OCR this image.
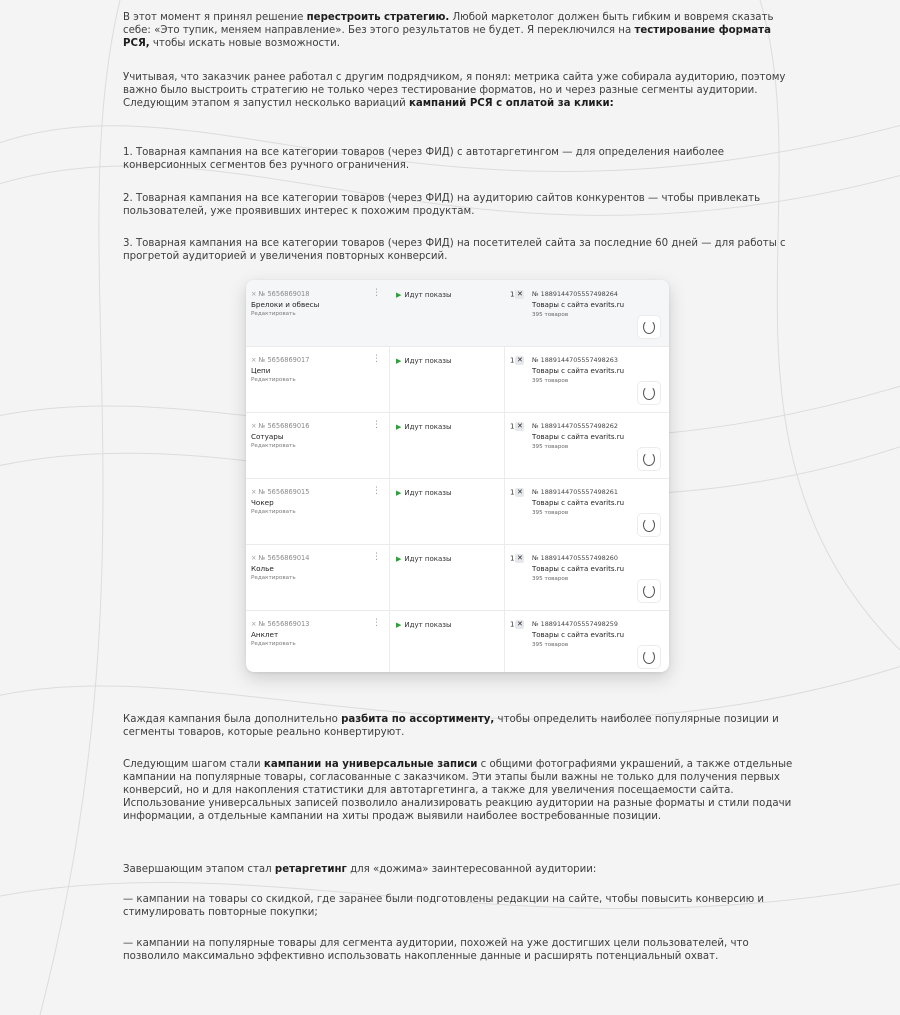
В этот момент я принял решение перестроить стратегию. Любой маркетолог должен быть гибким и вовремя сказать себе: «Это тупик, меняем направление». Без этого результатов не будет. Я переключился на тестирование формата РСЯ, чтобы искать новые возможности.

Учитывая, что заказчик ранее работал с другим подрядчиком, я понял: метрика сайта уже собирала аудиторию, поэтому важно было выстроить стратегию не только через тестирование форматов, но и через разные сегменты аудитории. Следующим этапом я запустил несколько вариаций кампаний РСЯ с оплатой за клики:

1. Товарная кампания на все категории товаров (через ФИД) с автотаргетингом — для определения наиболее конверсионных сегментов без ручного ограничения.

2. Товарная кампания на все категории товаров (через ФИД) на аудиторию сайтов конкурентов — чтобы привлекать пользователей, уже проявивших интерес к похожим продуктам.

3. Товарная кампания на все категории товаров (через ФИД) на посетителей сайта за последние 60 дней — для работы с прогретой аудиторией и увеличения повторных конверсий.

× № 5656869018
Брелоки и обвесы
Редактировать
⋮ ▶ Идут показы	1 ✕ № 1889144705557498264
Товары с сайта evarits.ru
395 товаров
× № 5656869017
Цепи
Редактировать
⋮ ▶ Идут показы	1 ✕ № 1889144705557498263
Товары с сайта evarits.ru
395 товаров
× № 5656869016
Сотуары
Редактировать
⋮ ▶ Идут показы	1 ✕ № 1889144705557498262
Товары с сайта evarits.ru
395 товаров
× № 5656869015
Чокер
Редактировать
⋮ ▶ Идут показы	1 ✕ № 1889144705557498261
Товары с сайта evarits.ru
395 товаров
× № 5656869014
Колье
Редактировать
⋮ ▶ Идут показы	1 ✕ № 1889144705557498260
Товары с сайта evarits.ru
395 товаров
× № 5656869013
Анклет
Редактировать
⋮ ▶ Идут показы	1 ✕ № 1889144705557498259
Товары с сайта evarits.ru
395 товаров

Каждая кампания была дополнительно разбита по ассортименту, чтобы определить наиболее популярные позиции и сегменты товаров, которые реально конвертируют.

Следующим шагом стали кампании на универсальные записи с общими фотографиями украшений, а также отдельные кампании на популярные товары, согласованные с заказчиком. Эти этапы были важны не только для получения первых конверсий, но и для накопления статистики для автотаргетинга, а также для увеличения посещаемости сайта. Использование универсальных записей позволило анализировать реакцию аудитории на разные форматы и стили подачи информации, а отдельные кампании на хиты продаж выявили наиболее востребованные позиции.

Завершающим этапом стал ретаргетинг для «дожима» заинтересованной аудитории:

— кампании на товары со скидкой, где заранее были подготовлены редакции на сайте, чтобы повысить конверсию и стимулировать повторные покупки;

— кампании на популярные товары для сегмента аудитории, похожей на уже достигших цели пользователей, что позволило максимально эффективно использовать накопленные данные и расширять потенциальный охват.
